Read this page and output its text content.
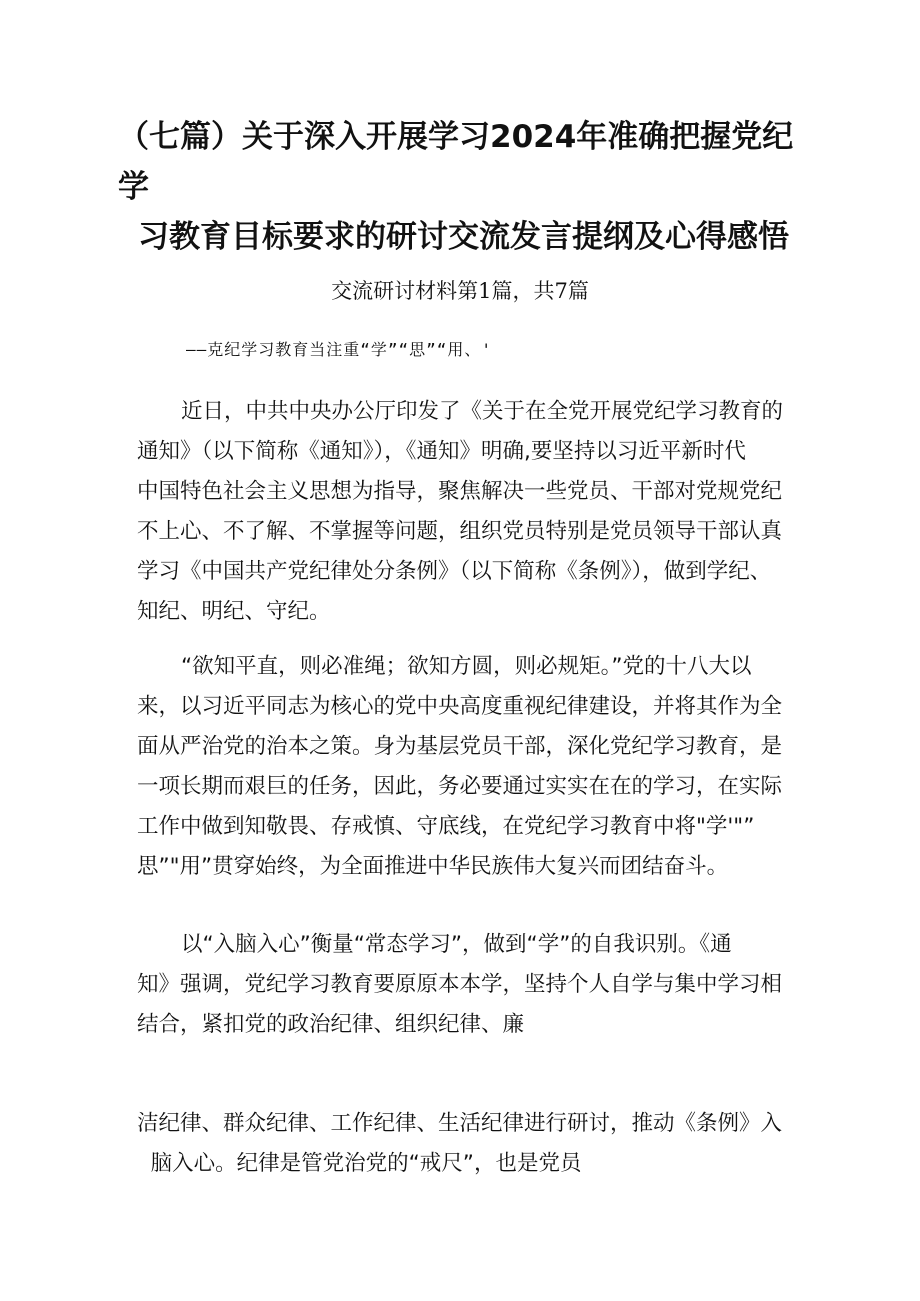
（七篇）关于深入开展学习2024年准确把握党纪学
习教育目标要求的研讨交流发言提纲及心得感悟

交流研讨材料第1篇，共7篇

——克纪学习教育当注重“学”“思”“用、'

近日，中共中央办公厅印发了《关于在全党开展党纪学习教育的
通知》（以下简称《通知》），《通知》明确,要坚持以习近平新时代
中国特色社会主义思想为指导，聚焦解决一些党员、干部对党规党纪
不上心、不了解、不掌握等问题，组织党员特别是党员领导干部认真
学习《中国共产党纪律处分条例》（以下简称《条例》），做到学纪、
知纪、明纪、守纪。
“欲知平直，则必准绳；欲知方圆，则必规矩。”党的十八大以
来，以习近平同志为核心的党中央高度重视纪律建设，并将其作为全
面从严治党的治本之策。身为基层党员干部，深化党纪学习教育，是
一项长期而艰巨的任务，因此，务必要通过实实在在的学习，在实际
工作中做到知敬畏、存戒慎、守底线，在党纪学习教育中将"学'"”
思”"用”贯穿始终，为全面推进中华民族伟大复兴而团结奋斗。
以“入脑入心”衡量“常态学习”，做到“学”的自我识别。《通
知》强调，党纪学习教育要原原本本学，坚持个人自学与集中学习相
结合，紧扣党的政治纪律、组织纪律、廉
洁纪律、群众纪律、工作纪律、生活纪律进行研讨，推动《条例》入
脑入心。纪律是管党治党的“戒尺”，也是党员
